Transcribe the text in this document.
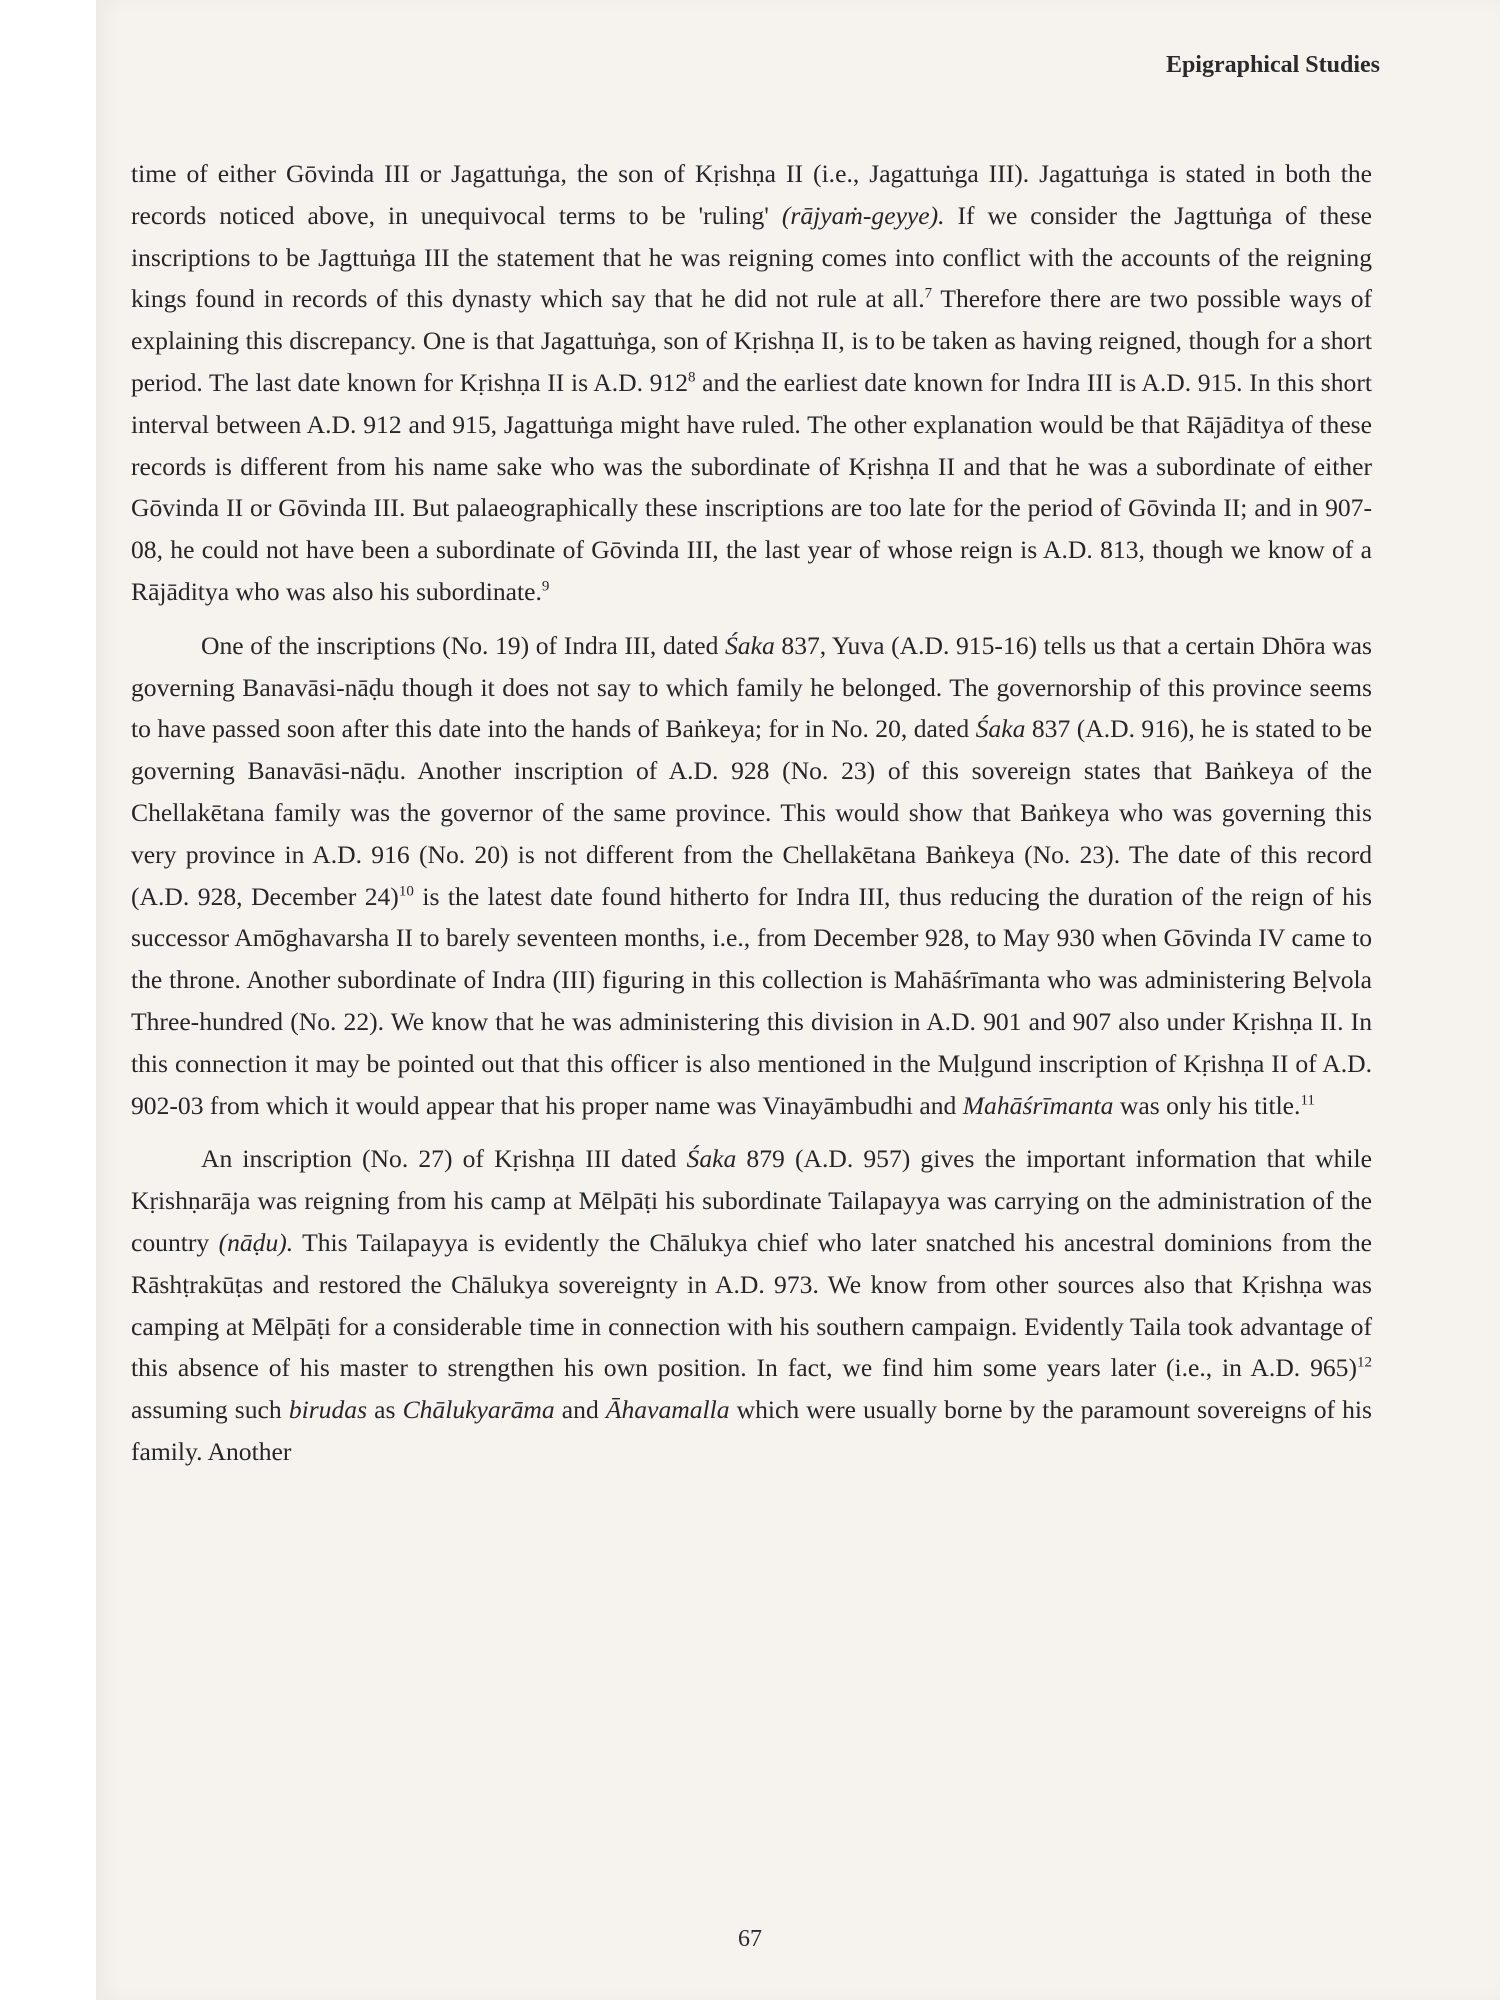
Epigraphical Studies

time of either Gōvinda III or Jagattuṅga, the son of Kṛishṇa II (i.e., Jagattuṅga III). Jagattuṅga is stated in both the records noticed above, in unequivocal terms to be 'ruling' (rājyaṁ-geyye). If we consider the Jagttuṅga of these inscriptions to be Jagttuṅga III the statement that he was reigning comes into conflict with the accounts of the reigning kings found in records of this dynasty which say that he did not rule at all.$^7$ Therefore there are two possible ways of explaining this discrepancy. One is that Jagattuṅga, son of Kṛishṇa II, is to be taken as having reigned, though for a short period. The last date known for Kṛishṇa II is A.D. $912^8$ and the earliest date known for Indra III is A.D. 915. In this short interval between A.D. 912 and 915, Jagattuṅga might have ruled. The other explanation would be that Rājāditya of these records is different from his name sake who was the subordinate of Kṛishṇa II and that he was a subordinate of either Gōvinda II or Gōvinda III. But palaeographically these inscriptions are too late for the period of Gōvinda II; and in 907-08, he could not have been a subordinate of Gōvinda III, the last year of whose reign is A.D. 813, though we know of a Rājāditya who was also his subordinate.$^9$

One of the inscriptions (No. 19) of Indra III, dated Śaka 837, Yuva (A.D. 915-16) tells us that a certain Dhōra was governing Banavāsi-nāḍu though it does not say to which family he belonged. The governorship of this province seems to have passed soon after this date into the hands of Baṅkeya; for in No. 20, dated Śaka 837 (A.D. 916), he is stated to be governing Banavāsi-nāḍu. Another inscription of A.D. 928 (No. 23) of this sovereign states that Baṅkeya of the Chellakētana family was the governor of the same province. This would show that Baṅkeya who was governing this very province in A.D. 916 (No. 20) is not different from the Chellakētana Baṅkeya (No. 23). The date of this record (A.D. 928, December 24)$^{10}$ is the latest date found hitherto for Indra III, thus reducing the duration of the reign of his successor Amōghavarsha II to barely seventeen months, i.e., from December 928, to May 930 when Gōvinda IV came to the throne. Another subordinate of Indra (III) figuring in this collection is Mahāśrīmanta who was administering Beḷvola Three-hundred (No. 22). We know that he was administering this division in A.D. 901 and 907 also under Kṛishṇa II. In this connection it may be pointed out that this officer is also mentioned in the Muḷgund inscription of Kṛishṇa II of A.D. 902-03 from which it would appear that his proper name was Vinayāmbudhi and Mahāśrīmanta was only his title.$^{11}$

An inscription (No. 27) of Kṛishṇa III dated Śaka 879 (A.D. 957) gives the important information that while Kṛishṇarāja was reigning from his camp at Mēlpāṭi his subordinate Tailapayya was carrying on the administration of the country (nāḍu). This Tailapayya is evidently the Chālukya chief who later snatched his ancestral dominions from the Rāshṭrakūṭas and restored the Chālukya sovereignty in A.D. 973. We know from other sources also that Kṛishṇa was camping at Mēlpāṭi for a considerable time in connection with his southern campaign. Evidently Taila took advantage of this absence of his master to strengthen his own position. In fact, we find him some years later (i.e., in A.D. 965)$^{12}$ assuming such birudas as Chālukyarāma and Āhavamalla which were usually borne by the paramount sovereigns of his family. Another

67
